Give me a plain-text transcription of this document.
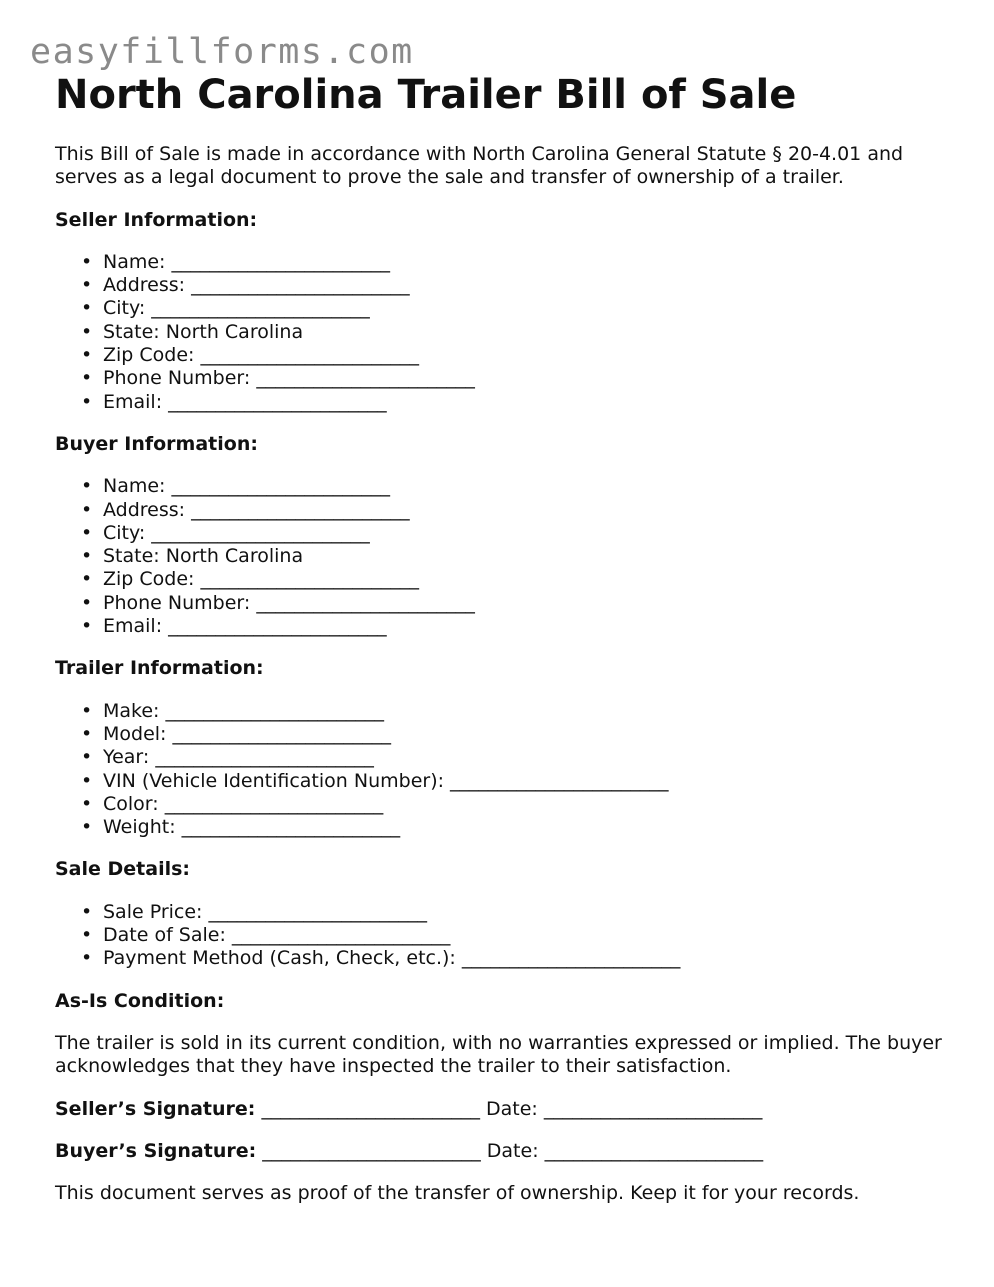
easyfillforms.com
North Carolina Trailer Bill of Sale

This Bill of Sale is made in accordance with North Carolina General Statute § 20-4.01 and serves as a legal document to prove the sale and transfer of ownership of a trailer.

Seller Information:

• Name: _______________________
• Address: _______________________
• City: _______________________
• State: North Carolina
• Zip Code: _______________________
• Phone Number: _______________________
• Email: _______________________

Buyer Information:

• Name: _______________________
• Address: _______________________
• City: _______________________
• State: North Carolina
• Zip Code: _______________________
• Phone Number: _______________________
• Email: _______________________

Trailer Information:

• Make: _______________________
• Model: _______________________
• Year: _______________________
• VIN (Vehicle Identification Number): _______________________
• Color: _______________________
• Weight: _______________________

Sale Details:

• Sale Price: _______________________
• Date of Sale: _______________________
• Payment Method (Cash, Check, etc.): _______________________

As-Is Condition:

The trailer is sold in its current condition, with no warranties expressed or implied. The buyer acknowledges that they have inspected the trailer to their satisfaction.

Seller’s Signature: _______________________ Date: _______________________

Buyer’s Signature: _______________________ Date: _______________________

This document serves as proof of the transfer of ownership. Keep it for your records.
